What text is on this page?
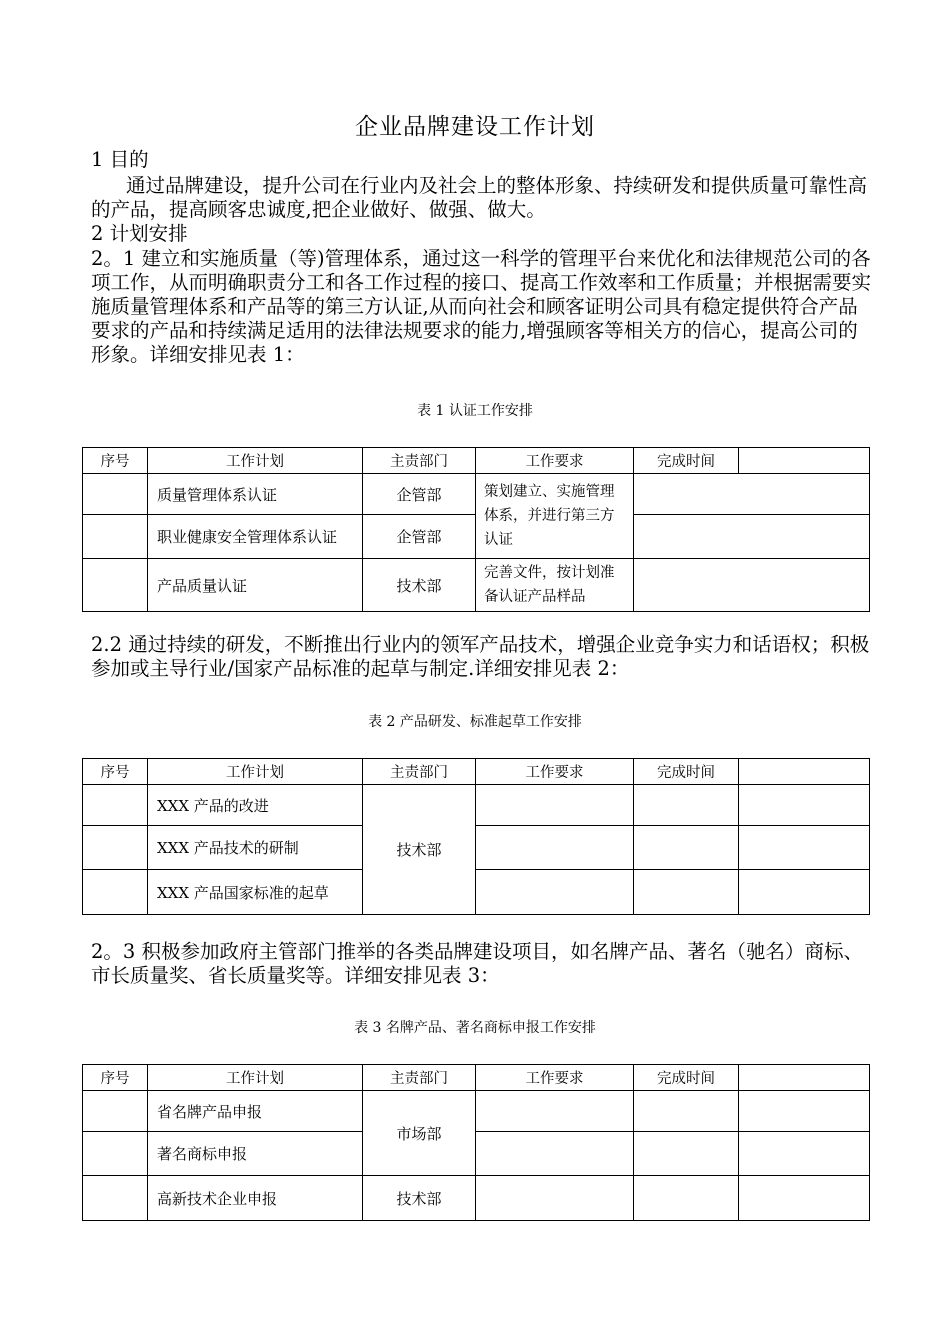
企业品牌建设工作计划
1 目的
通过品牌建设，提升公司在行业内及社会上的整体形象、持续研发和提供质量可靠性高的产品，提高顾客忠诚度,把企业做好、做强、做大。
2 计划安排
2。1 建立和实施质量（等)管理体系，通过这一科学的管理平台来优化和法律规范公司的各项工作，从而明确职责分工和各工作过程的接口、提高工作效率和工作质量；并根据需要实施质量管理体系和产品等的第三方认证,从而向社会和顾客证明公司具有稳定提供符合产品要求的产品和持续满足适用的法律法规要求的能力,增强顾客等相关方的信心，提高公司的形象。详细安排见表 1：
表 1 认证工作安排
序号	工作计划	主责部门	工作要求	完成时间	
	质量管理体系认证	企管部	策划建立、实施管理体系，并进行第三方认证		
	职业健康安全管理体系认证	企管部			
	产品质量认证	技术部	完善文件，按计划准备认证产品样品		
2.2 通过持续的研发，不断推出行业内的领军产品技术，增强企业竞争实力和话语权；积极参加或主导行业/国家产品标准的起草与制定.详细安排见表 2：
表 2 产品研发、标准起草工作安排
序号	工作计划	主责部门	工作要求	完成时间	
	XXX 产品的改进	技术部			
	XXX 产品技术的研制				
	XXX 产品国家标准的起草				
2。3 积极参加政府主管部门推举的各类品牌建设项目，如名牌产品、著名（驰名）商标、市长质量奖、省长质量奖等。详细安排见表 3：
表 3 名牌产品、著名商标申报工作安排
序号	工作计划	主责部门	工作要求	完成时间	
	省名牌产品申报	市场部			
	著名商标申报				
	高新技术企业申报	技术部			
